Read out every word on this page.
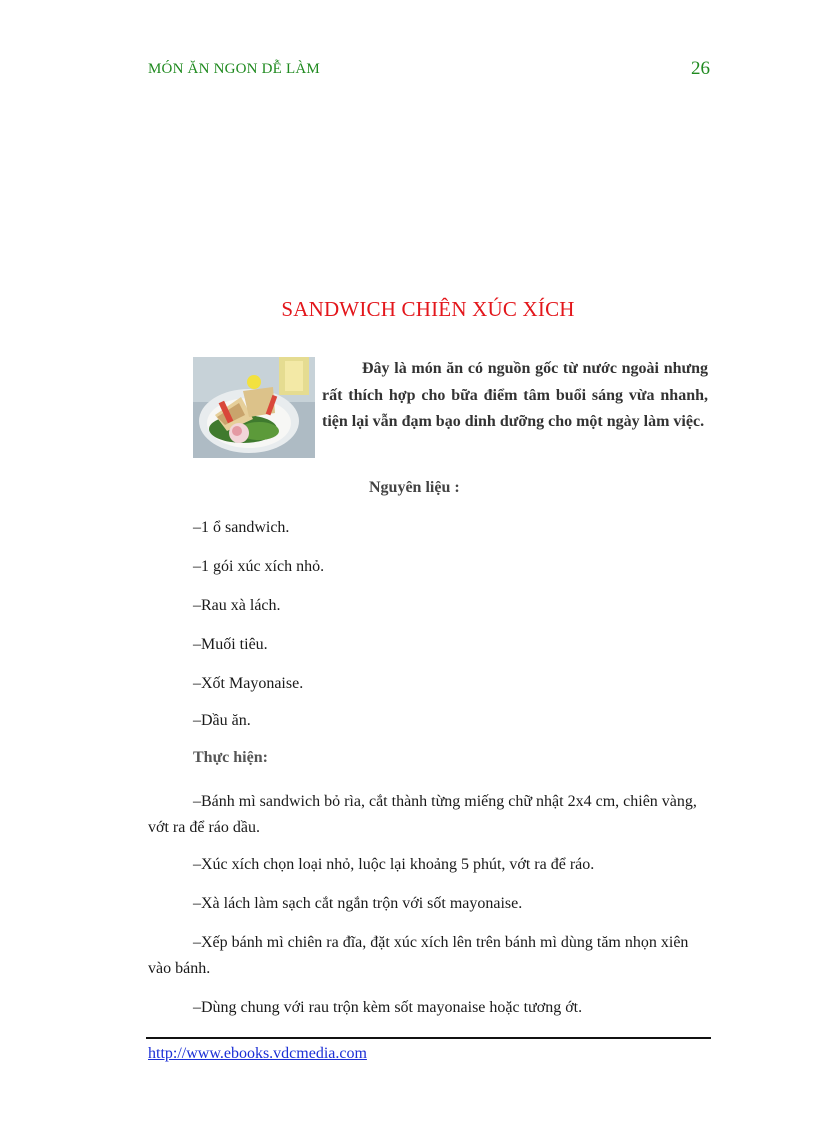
MÓN ĂN NGON DỄ LÀM	26
SANDWICH CHIÊN XÚC XÍCH
Đây là món ăn có nguồn gốc từ nước ngoài nhưng rất thích hợp cho bữa điểm tâm buổi sáng vừa nhanh, tiện lại vẫn đạm bạo dinh dưỡng cho một ngày làm việc.
Nguyên liệu :
–1 ổ sandwich.
–1 gói xúc xích nhỏ.
–Rau xà lách.
–Muối tiêu.
–Xốt Mayonaise.
–Dầu ăn.
Thực hiện:
–Bánh mì sandwich bỏ rìa, cắt thành từng miếng chữ nhật 2x4 cm, chiên vàng, vớt ra để ráo dầu.
–Xúc xích chọn loại nhỏ, luộc lại khoảng 5 phút, vớt ra để ráo.
–Xà lách làm sạch cắt ngắn trộn với sốt mayonaise.
–Xếp bánh mì chiên ra đĩa, đặt xúc xích lên trên bánh mì dùng tăm nhọn xiên vào bánh.
–Dùng chung với rau trộn kèm sốt mayonaise hoặc tương ớt.
http://www.ebooks.vdcmedia.com
